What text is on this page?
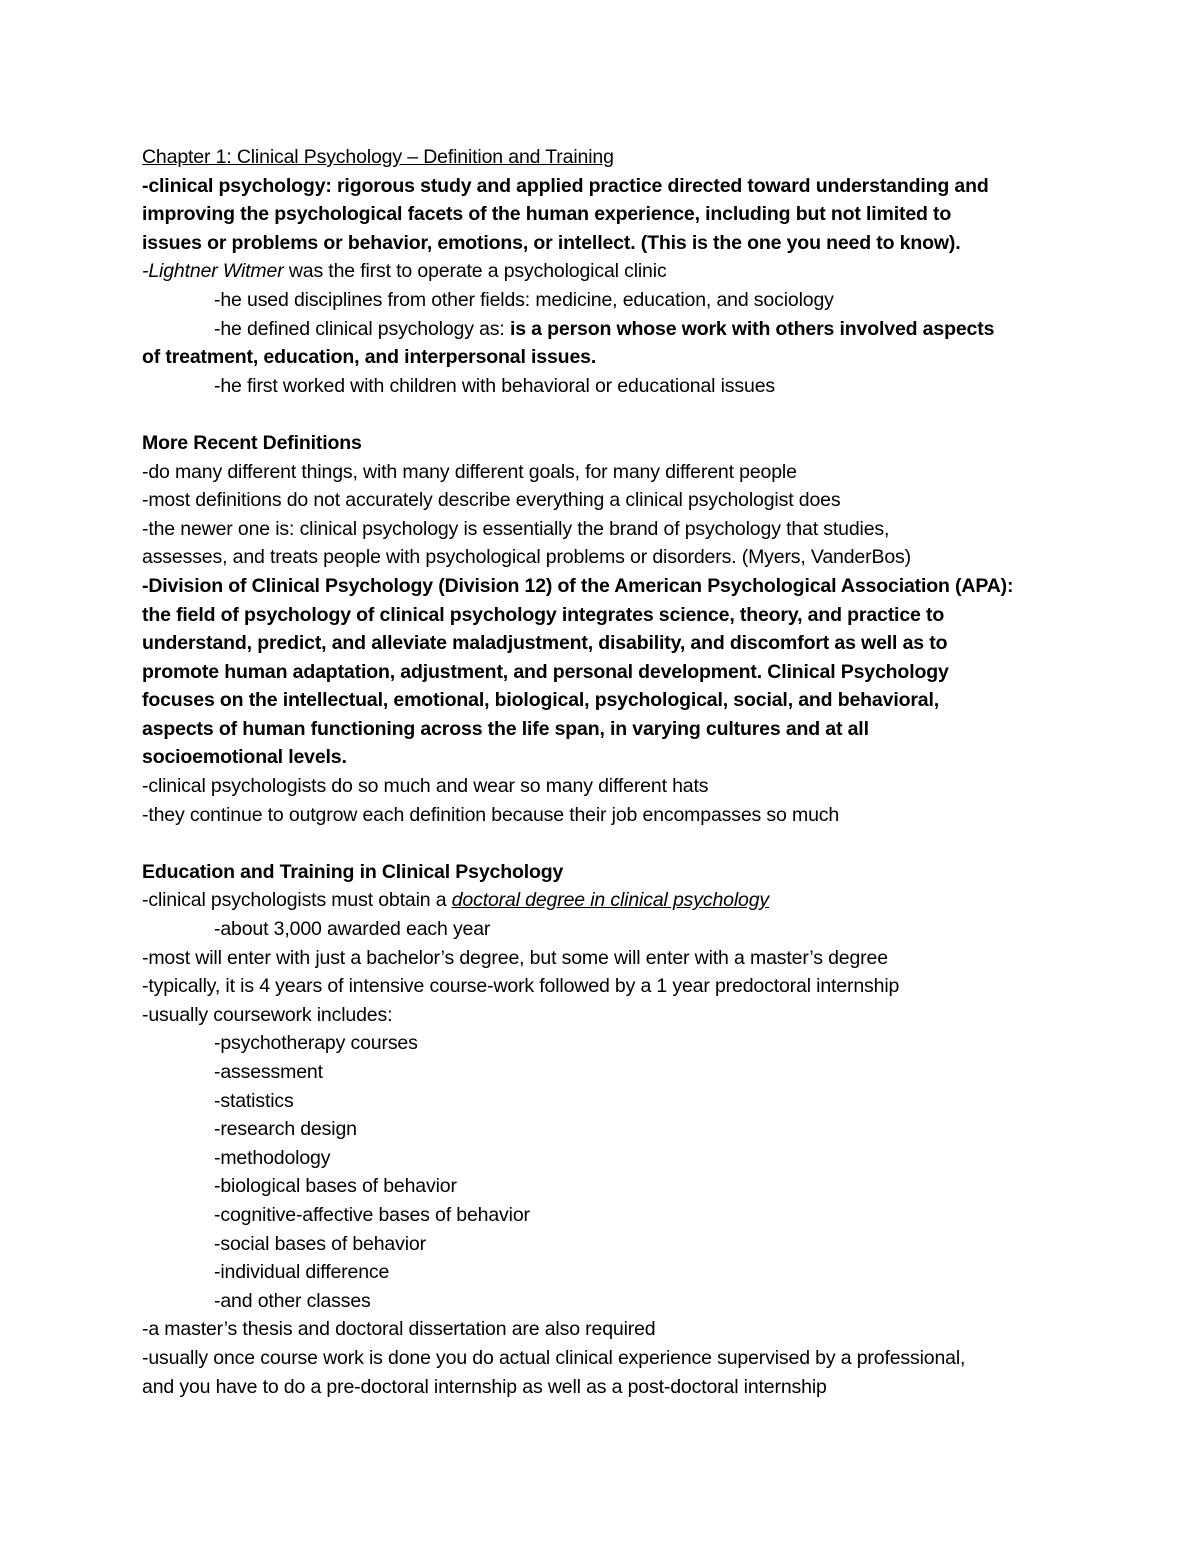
Chapter 1: Clinical Psychology – Definition and Training
-clinical psychology: rigorous study and applied practice directed toward understanding and
improving the psychological facets of the human experience, including but not limited to
issues or problems or behavior, emotions, or intellect. (This is the one you need to know).
-Lightner Witmer was the first to operate a psychological clinic
-he used disciplines from other fields: medicine, education, and sociology
-he defined clinical psychology as: is a person whose work with others involved aspects
of treatment, education, and interpersonal issues.
-he first worked with children with behavioral or educational issues
More Recent Definitions
-do many different things, with many different goals, for many different people
-most definitions do not accurately describe everything a clinical psychologist does
-the newer one is: clinical psychology is essentially the brand of psychology that studies,
assesses, and treats people with psychological problems or disorders. (Myers, VanderBos)
-Division of Clinical Psychology (Division 12) of the American Psychological Association (APA):
the field of psychology of clinical psychology integrates science, theory, and practice to
understand, predict, and alleviate maladjustment, disability, and discomfort as well as to
promote human adaptation, adjustment, and personal development. Clinical Psychology
focuses on the intellectual, emotional, biological, psychological, social, and behavioral,
aspects of human functioning across the life span, in varying cultures and at all
socioemotional levels.
-clinical psychologists do so much and wear so many different hats
-they continue to outgrow each definition because their job encompasses so much
Education and Training in Clinical Psychology
-clinical psychologists must obtain a doctoral degree in clinical psychology
-about 3,000 awarded each year
-most will enter with just a bachelor’s degree, but some will enter with a master’s degree
-typically, it is 4 years of intensive course-work followed by a 1 year predoctoral internship
-usually coursework includes:
-psychotherapy courses
-assessment
-statistics
-research design
-methodology
-biological bases of behavior
-cognitive-affective bases of behavior
-social bases of behavior
-individual difference
-and other classes
-a master’s thesis and doctoral dissertation are also required
-usually once course work is done you do actual clinical experience supervised by a professional,
and you have to do a pre-doctoral internship as well as a post-doctoral internship
